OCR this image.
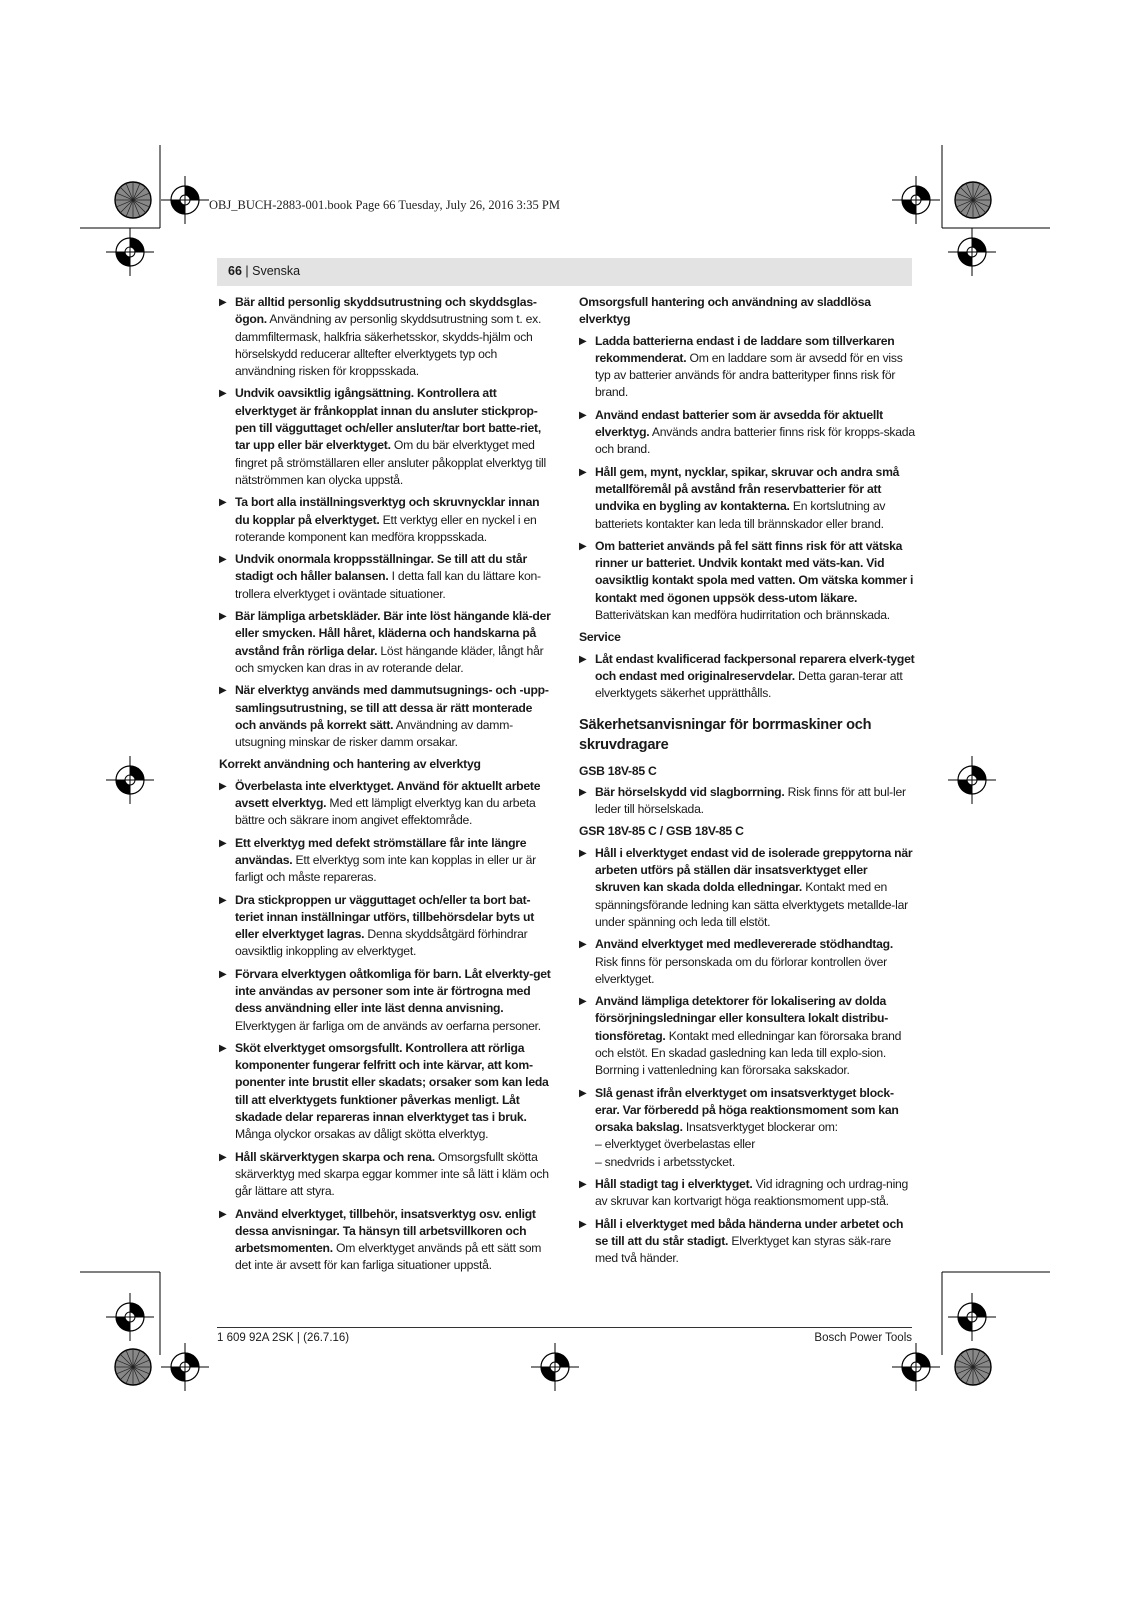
OBJ_BUCH-2883-001.book Page 66 Tuesday, July 26, 2016 3:35 PM
66 | Svenska
▶ Bär alltid personlig skyddsutrustning och skyddsglas-ögon. Användning av personlig skyddsutrustning som t. ex. dammfiltermask, halkfria säkerhetsskor, skydds-hjälm och hörselskydd reducerar alltefter elverktygets typ och användning risken för kroppsskada.
▶ Undvik oavsiktlig igångsättning. Kontrollera att elverktyget är frånkopplat innan du ansluter stickprop-pen till vägguttaget och/eller ansluter/tar bort batte-riet, tar upp eller bär elverktyget. Om du bär elverktyget med fingret på strömställaren eller ansluter påkopplat elverktyg till nätströmmen kan olycka uppstå.
▶ Ta bort alla inställningsverktyg och skruvnycklar innan du kopplar på elverktyget. Ett verktyg eller en nyckel i en roterande komponent kan medföra kroppsskada.
▶ Undvik onormala kroppsställningar. Se till att du står stadigt och håller balansen. I detta fall kan du lättare kon-trollera elverktyget i oväntade situationer.
▶ Bär lämpliga arbetskläder. Bär inte löst hängande klä-der eller smycken. Håll håret, kläderna och handskarna på avstånd från rörliga delar. Löst hängande kläder, långt hår och smycken kan dras in av roterande delar.
▶ När elverktyg används med dammutsugnings- och -upp-samlingsutrustning, se till att dessa är rätt monterade och används på korrekt sätt. Användning av damm-utsugning minskar de risker damm orsakar.
Korrekt användning och hantering av elverktyg
▶ Överbelasta inte elverktyget. Använd för aktuellt arbete avsett elverktyg. Med ett lämpligt elverktyg kan du arbeta bättre och säkrare inom angivet effektområde.
▶ Ett elverktyg med defekt strömställare får inte längre användas. Ett elverktyg som inte kan kopplas in eller ur är farligt och måste repareras.
▶ Dra stickproppen ur vägguttaget och/eller ta bort bat-teriet innan inställningar utförs, tillbehörsdelar byts ut eller elverktyget lagras. Denna skyddsåtgärd förhindrar oavsiktlig inkoppling av elverktyget.
▶ Förvara elverktygen oåtkomliga för barn. Låt elverkty-get inte användas av personer som inte är förtrogna med dess användning eller inte läst denna anvisning. Elverktygen är farliga om de används av oerfarna personer.
▶ Sköt elverktyget omsorgsfullt. Kontrollera att rörliga komponenter fungerar felfritt och inte kärvar, att kom-ponenter inte brustit eller skadats; orsaker som kan leda till att elverktygets funktioner påverkas menligt. Låt skadade delar repareras innan elverktyget tas i bruk. Många olyckor orsakas av dåligt skötta elverktyg.
▶ Håll skärverktygen skarpa och rena. Omsorgsfullt skötta skärverktyg med skarpa eggar kommer inte så lätt i kläm och går lättare att styra.
▶ Använd elverktyget, tillbehör, insatsverktyg osv. enligt dessa anvisningar. Ta hänsyn till arbetsvillkoren och arbetsmomenten. Om elverktyget används på ett sätt som det inte är avsett för kan farliga situationer uppstå.
Omsorgsfull hantering och användning av sladdlösa elverktyg
▶ Ladda batterierna endast i de laddare som tillverkaren rekommenderat. Om en laddare som är avsedd för en viss typ av batterier används för andra batterityper finns risk för brand.
▶ Använd endast batterier som är avsedda för aktuellt elverktyg. Används andra batterier finns risk för kropps-skada och brand.
▶ Håll gem, mynt, nycklar, spikar, skruvar och andra små metallföremål på avstånd från reservbatterier för att undvika en bygling av kontakterna. En kortslutning av batteriets kontakter kan leda till brännskador eller brand.
▶ Om batteriet används på fel sätt finns risk för att vätska rinner ur batteriet. Undvik kontakt med väts-kan. Vid oavsiktlig kontakt spola med vatten. Om vätska kommer i kontakt med ögonen uppsök dess-utom läkare. Batterivätskan kan medföra hudirritation och brännskada.
Service
▶ Låt endast kvalificerad fackpersonal reparera elverk-tyget och endast med originalreservdelar. Detta garan-terar att elverktygets säkerhet upprätthålls.
Säkerhetsanvisningar för borrmaskiner och skruvdragare
GSB 18V-85 C
▶ Bär hörselskydd vid slagborrning. Risk finns för att bul-ler leder till hörselskada.
GSR 18V-85 C / GSB 18V-85 C
▶ Håll i elverktyget endast vid de isolerade greppytorna när arbeten utförs på ställen där insatsverktyget eller skruven kan skada dolda elledningar. Kontakt med en spänningsförande ledning kan sätta elverktygets metallde-lar under spänning och leda till elstöt.
▶ Använd elverktyget med medlevererade stödhandtag. Risk finns för personskada om du förlorar kontrollen över elverktyget.
▶ Använd lämpliga detektorer för lokalisering av dolda försörjningsledningar eller konsultera lokalt distribu-tionsföretag. Kontakt med elledningar kan förorsaka brand och elstöt. En skadad gasledning kan leda till explo-sion. Borrning i vattenledning kan förorsaka sakskador.
▶ Slå genast ifrån elverktyget om insatsverktyget block-erar. Var förberedd på höga reaktionsmoment som kan orsaka bakslag. Insatsverktyget blockerar om:
– elverktyget överbelastas eller
– snedvrids i arbetsstycket.
▶ Håll stadigt tag i elverktyget. Vid idragning och urdrag-ning av skruvar kan kortvarigt höga reaktionsmoment upp-stå.
▶ Håll i elverktyget med båda händerna under arbetet och se till att du står stadigt. Elverktyget kan styras säk-rare med två händer.
1 609 92A 2SK | (26.7.16)	Bosch Power Tools
